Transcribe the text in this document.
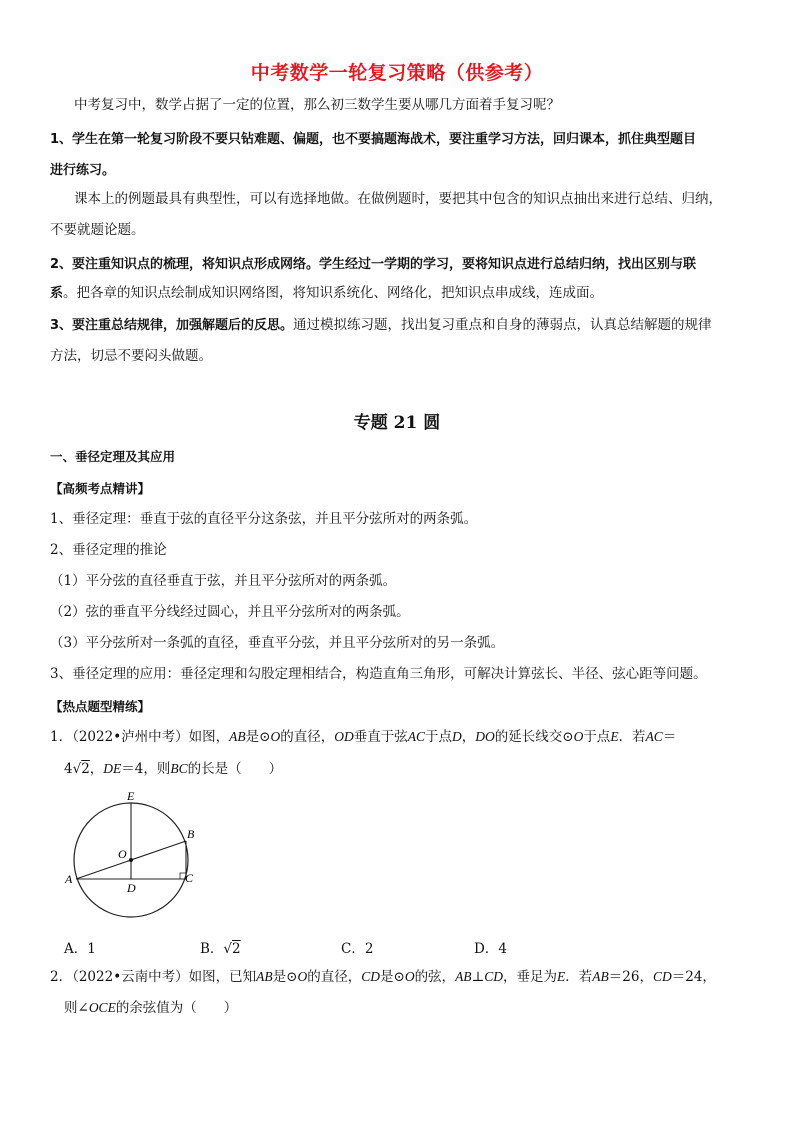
中考数学一轮复习策略（供参考）
中考复习中，数学占据了一定的位置，那么初三数学生要从哪几方面着手复习呢？
1、学生在第一轮复习阶段不要只钻难题、偏题，也不要搞题海战术，要注重学习方法，回归课本，抓住典型题目
进行练习。
课本上的例题最具有典型性，可以有选择地做。在做例题时，要把其中包含的知识点抽出来进行总结、归纳，
不要就题论题。
2、要注重知识点的梳理，将知识点形成网络。学生经过一学期的学习，要将知识点进行总结归纳，找出区别与联
系。把各章的知识点绘制成知识网络图，将知识系统化、网络化，把知识点串成线，连成面。
3、要注重总结规律，加强解题后的反思。通过模拟练习题，找出复习重点和自身的薄弱点，认真总结解题的规律
方法，切忌不要闷头做题。
专题 21 圆
一、垂径定理及其应用
【高频考点精讲】
1、垂径定理：垂直于弦的直径平分这条弦，并且平分弦所对的两条弧。
2、垂径定理的推论
（1）平分弦的直径垂直于弦，并且平分弦所对的两条弧。
（2）弦的垂直平分线经过圆心，并且平分弦所对的两条弧。
（3）平分弦所对一条弧的直径，垂直平分弦，并且平分弦所对的另一条弧。
3、垂径定理的应用：垂径定理和勾股定理相结合，构造直角三角形，可解决计算弦长、半径、弦心距等问题。
【热点题型精练】
1．（2022•泸州中考）如图，AB是⊙O的直径，OD垂直于弦AC于点D，DO的延长线交⊙O于点E．若AC＝
4√2，DE＝4，则BC的长是（　　）
E
O
B
A
D
C
A．1	B．√2	C．2	D．4
2．（2022•云南中考）如图，已知AB是⊙O的直径，CD是⊙O的弦，AB⊥CD，垂足为E．若AB＝26，CD＝24，
则∠OCE的余弦值为（　　）
